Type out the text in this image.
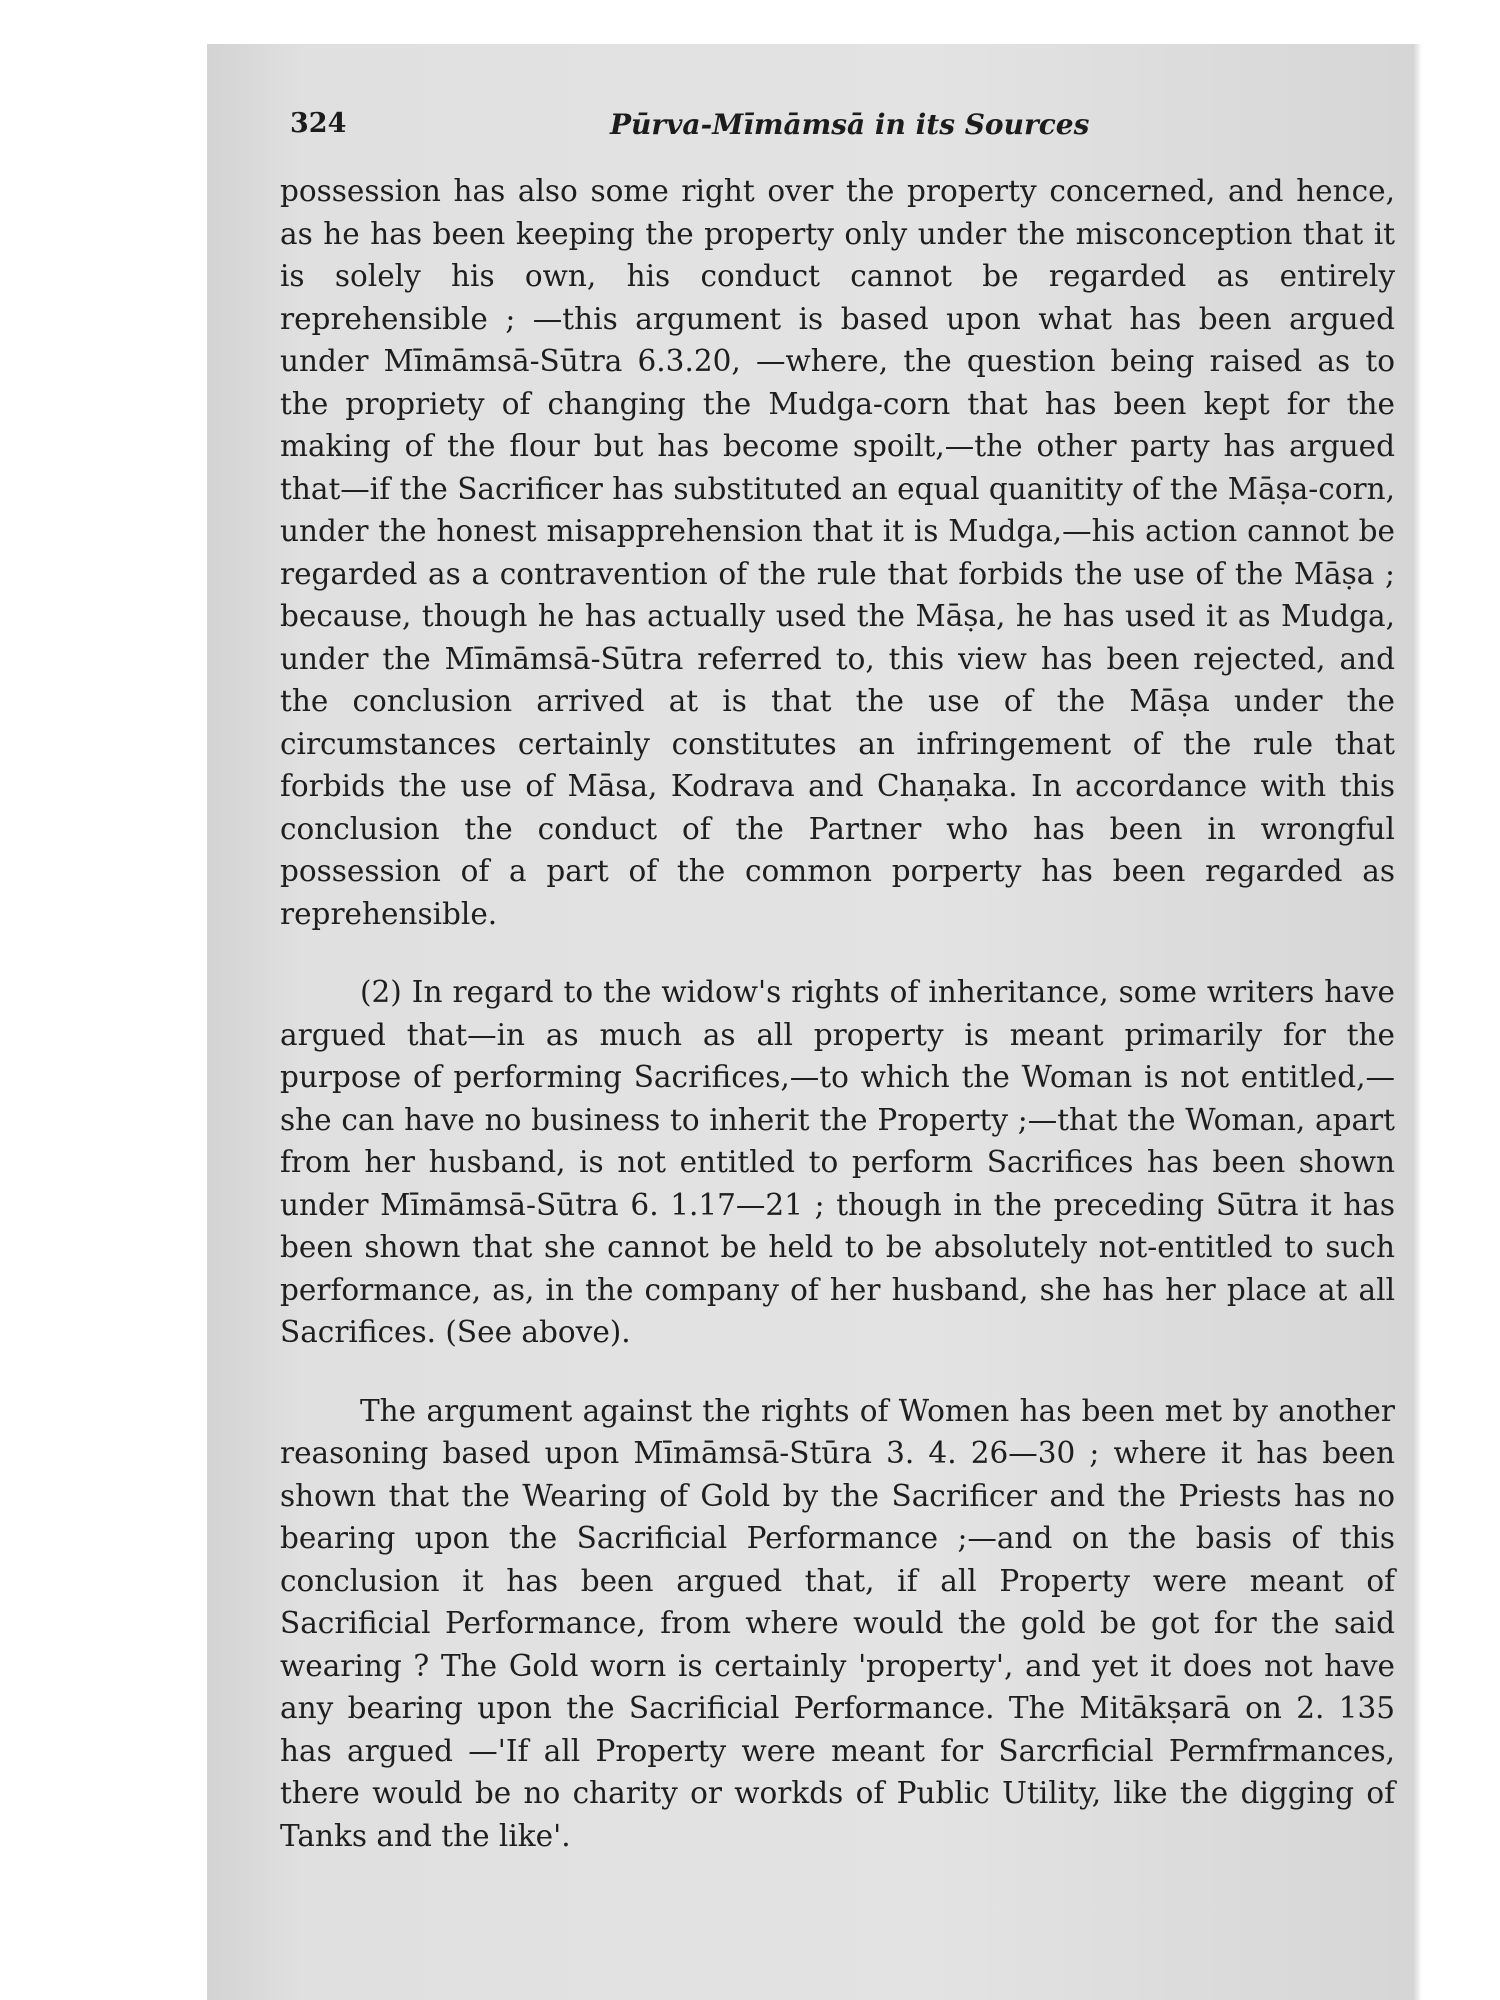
324	Pūrva-Mīmāmsā in its Sources

possession has also some right over the property concerned, and hence, as he has been keeping the property only under the misconception that it is solely his own, his conduct cannot be regarded as entirely reprehensible ; —this argument is based upon what has been argued under Mīmāmsā-Sūtra 6.3.20, —where, the question being raised as to the propriety of changing the Mudga-corn that has been kept for the making of the flour but has become spoilt,—the other party has argued that—if the Sacrificer has substituted an equal quanitity of the Māṣa-corn, under the honest misapprehension that it is Mudga,—his action cannot be regarded as a contravention of the rule that forbids the use of the Māṣa ; because, though he has actually used the Māṣa, he has used it as Mudga, under the Mīmāmsā-Sūtra referred to, this view has been rejected, and the conclusion arrived at is that the use of the Māṣa under the circumstances certainly constitutes an infringement of the rule that forbids the use of Māsa, Kodrava and Chaṇaka. In accordance with this conclusion the conduct of the Partner who has been in wrongful possession of a part of the common porperty has been regarded as reprehensible.

(2) In regard to the widow's rights of inheritance, some writers have argued that—in as much as all property is meant primarily for the purpose of performing Sacrifices,—to which the Woman is not entitled,—she can have no business to inherit the Property ;—that the Woman, apart from her husband, is not entitled to perform Sacrifices has been shown under Mīmāmsā-Sūtra 6. 1.17—21 ; though in the preceding Sūtra it has been shown that she cannot be held to be absolutely not-entitled to such performance, as, in the company of her husband, she has her place at all Sacrifices. (See above).

The argument against the rights of Women has been met by another reasoning based upon Mīmāmsā-Stūra 3. 4. 26—30 ; where it has been shown that the Wearing of Gold by the Sacrificer and the Priests has no bearing upon the Sacrificial Performance ;—and on the basis of this conclusion it has been argued that, if all Property were meant of Sacrificial Performance, from where would the gold be got for the said wearing ? The Gold worn is certainly 'property', and yet it does not have any bearing upon the Sacrificial Performance. The Mitākṣarā on 2. 135 has argued —'If all Property were meant for Sarcrficial Permfrmances, there would be no charity or workds of Public Utility, like the digging of Tanks and the like'.
